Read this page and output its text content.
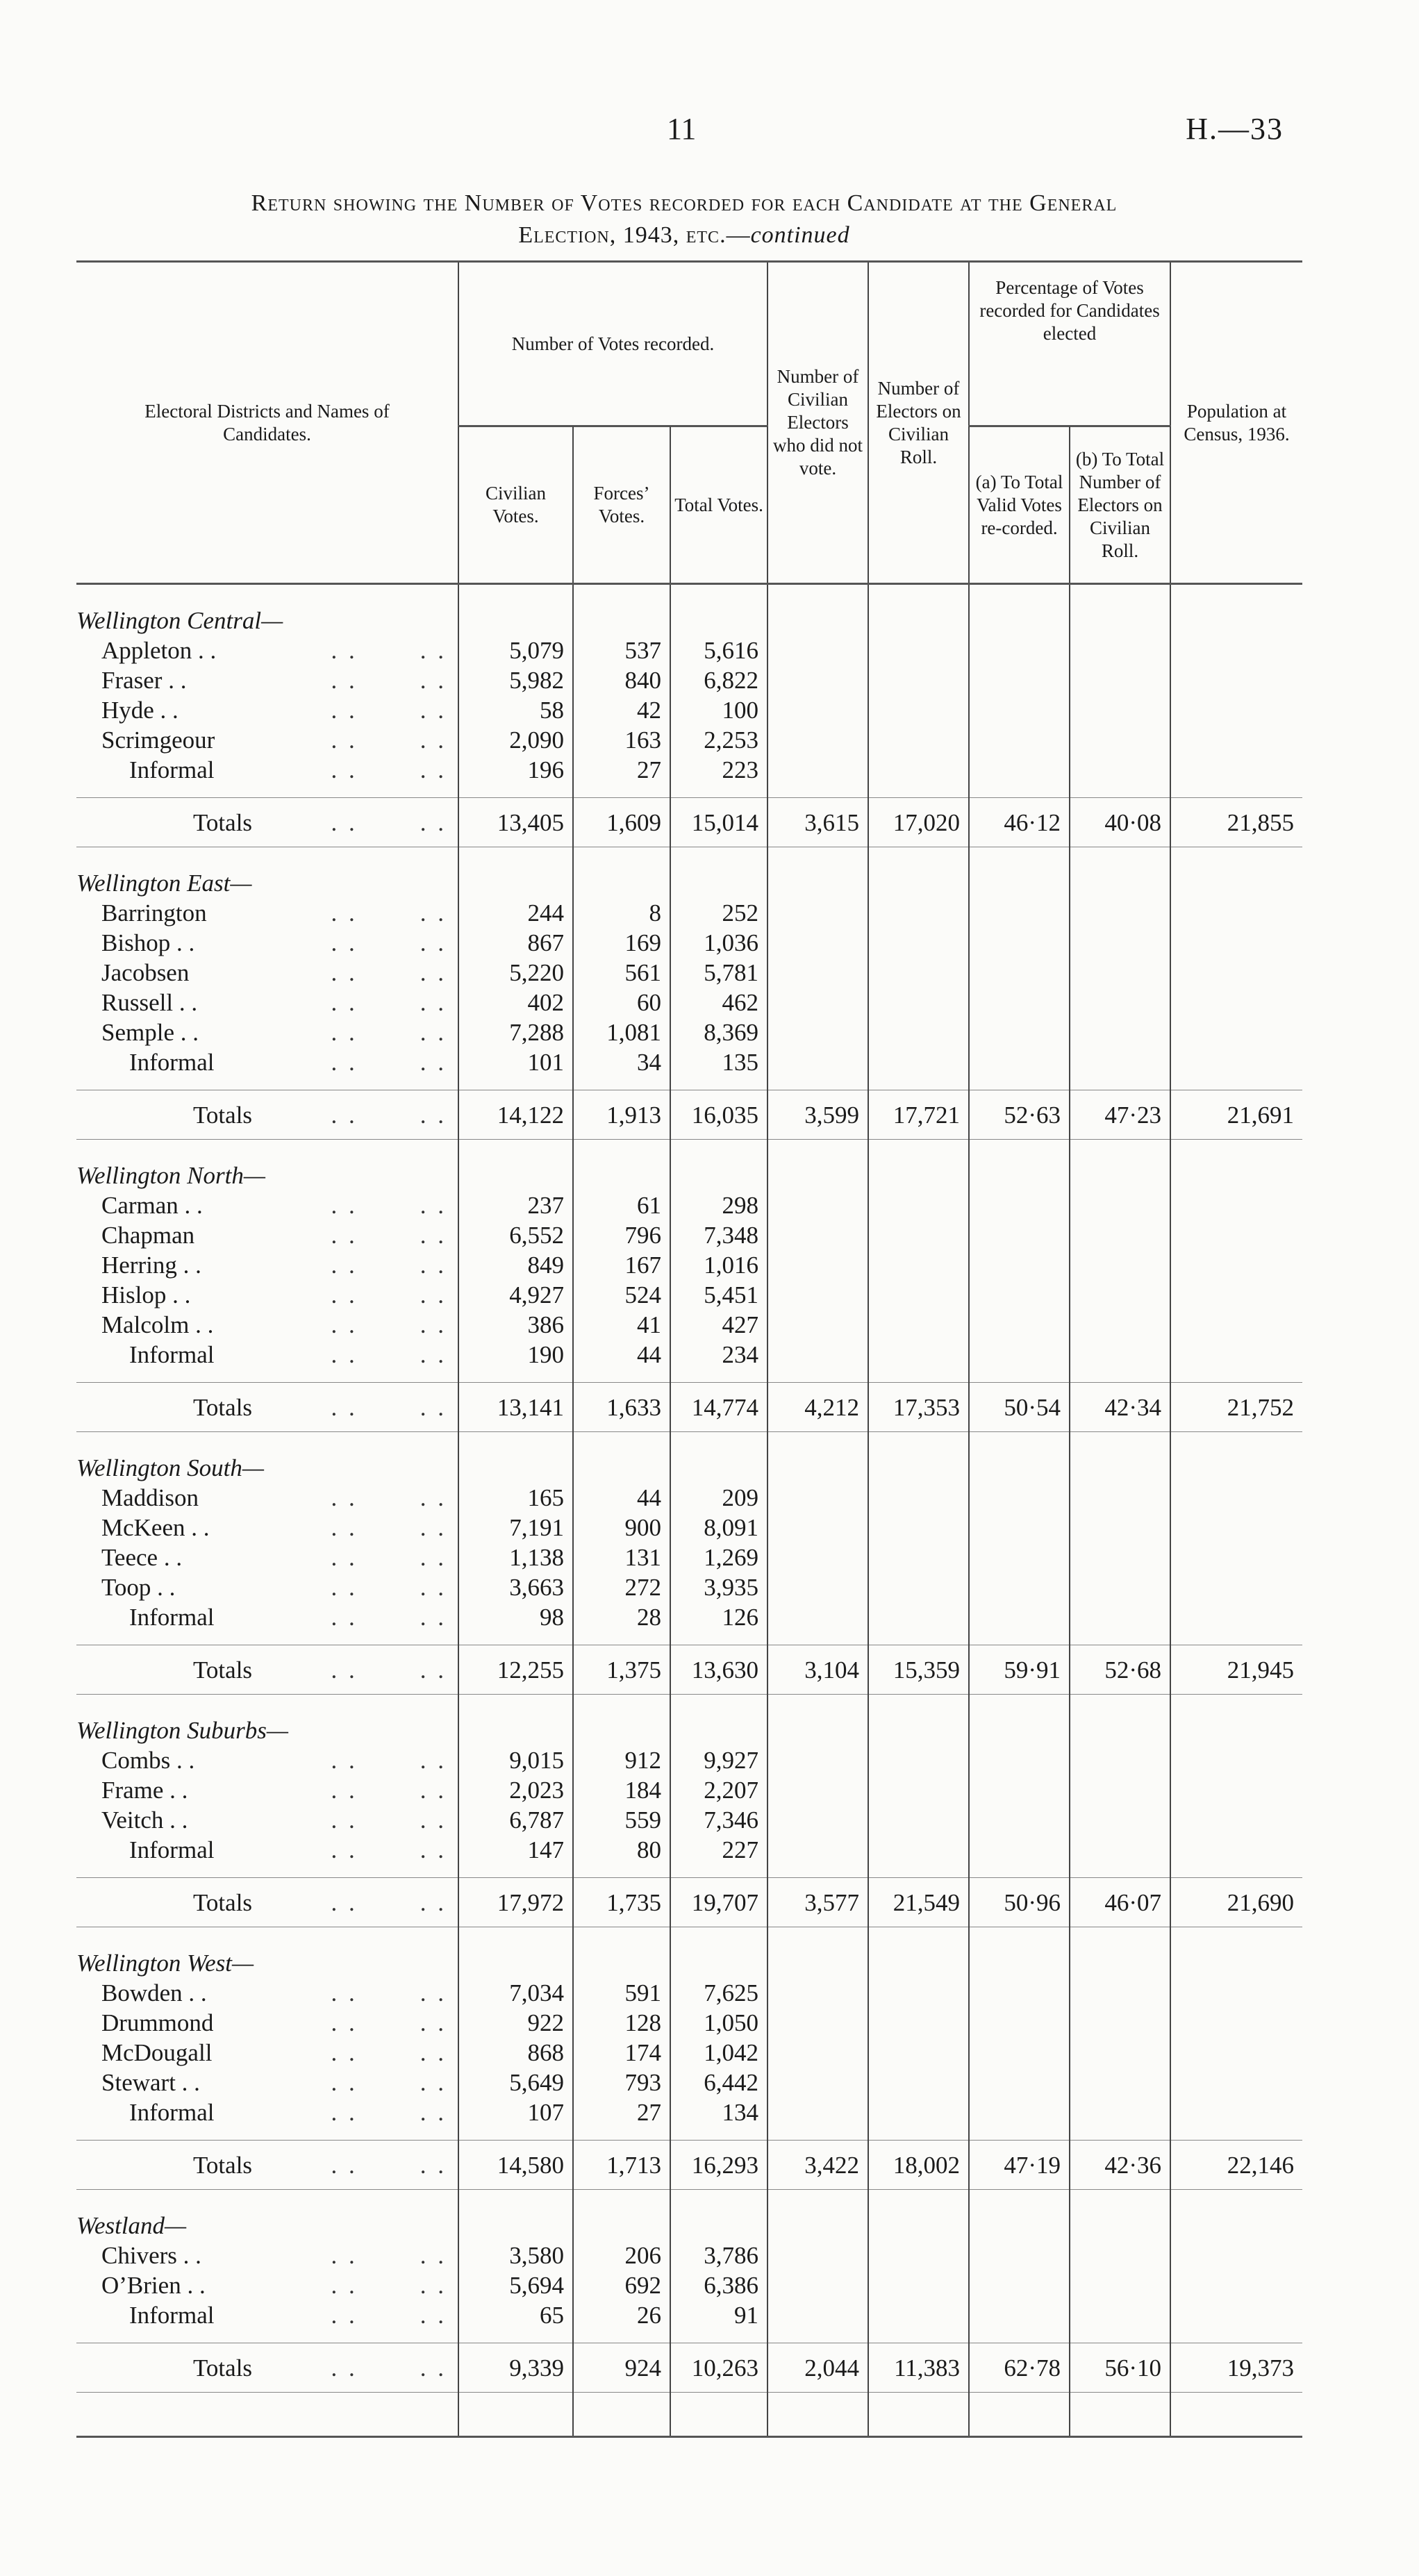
11	H.—33
Return showing the Number of Votes recorded for each Candidate at the General
Election, 1943, etc.—continued
Electoral Districts and Names of Candidates.	Number of Votes recorded.			Number of Civilian Electors who did not vote.	Number of Electors on Civilian Roll.	Percentage of Votes recorded for Candidates elected		Population at Census, 1936.
	Civilian Votes.	Forces’ Votes.	Total Votes.			(a) To Total Valid Votes re-corded.	(b) To Total Number of Electors on Civilian Roll.	

Wellington Central—								

Appleton . . . . . .	5,079	537	5,616					

Fraser . . . . . .	5,982	840	6,822					

Hyde . . . . . .	58	42	100					

Scrimgeour . . . .	2,090	163	2,253					

Informal . . . .	196	27	223					

Totals . . . .	13,405	1,609	15,014	3,615	17,020	46·12	40·08	21,855
Wellington East—								

Barrington . . . .	244	8	252					

Bishop . . . . . .	867	169	1,036					

Jacobsen . . . .	5,220	561	5,781					

Russell . . . . . .	402	60	462					

Semple . . . . . .	7,288	1,081	8,369					

Informal . . . .	101	34	135					

Totals . . . .	14,122	1,913	16,035	3,599	17,721	52·63	47·23	21,691
Wellington North—								

Carman . . . . . .	237	61	298					

Chapman . . . .	6,552	796	7,348					

Herring . . . . . .	849	167	1,016					

Hislop . . . . . .	4,927	524	5,451					

Malcolm . . . . . .	386	41	427					

Informal . . . .	190	44	234					

Totals . . . .	13,141	1,633	14,774	4,212	17,353	50·54	42·34	21,752
Wellington South—								

Maddison . . . .	165	44	209					

McKeen . . . . . .	7,191	900	8,091					

Teece . . . . . .	1,138	131	1,269					

Toop . . . . . .	3,663	272	3,935					

Informal . . . .	98	28	126					

Totals . . . .	12,255	1,375	13,630	3,104	15,359	59·91	52·68	21,945
Wellington Suburbs—								

Combs . . . . . .	9,015	912	9,927					

Frame . . . . . .	2,023	184	2,207					

Veitch . . . . . .	6,787	559	7,346					

Informal . . . .	147	80	227					

Totals . . . .	17,972	1,735	19,707	3,577	21,549	50·96	46·07	21,690
Wellington West—								

Bowden . . . . . .	7,034	591	7,625					

Drummond . . . .	922	128	1,050					

McDougall . . . .	868	174	1,042					

Stewart . . . . . .	5,649	793	6,442					

Informal . . . .	107	27	134					

Totals . . . .	14,580	1,713	16,293	3,422	18,002	47·19	42·36	22,146
Westland—								

Chivers . . . . . .	3,580	206	3,786					

O’Brien . . . . . .	5,694	692	6,386					

Informal . . . .	65	26	91					

Totals . . . .	9,339	924	10,263	2,044	11,383	62·78	56·10	19,373
